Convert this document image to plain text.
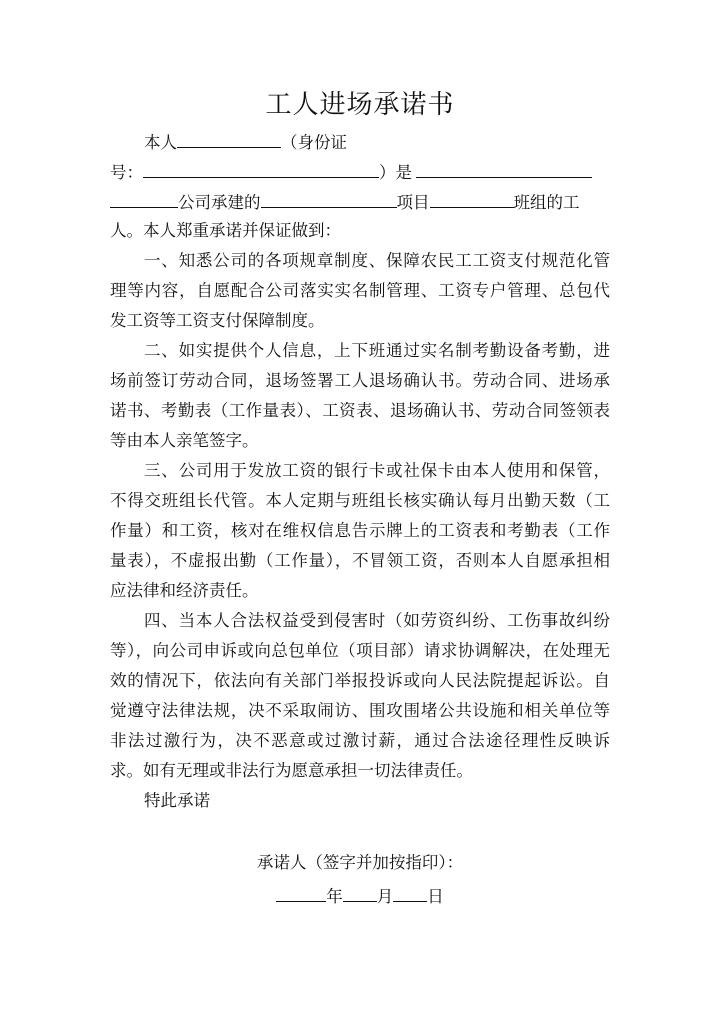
工人进场承诺书
本人	（身份证
号：	）是
公司承建的	项目	班组的工
人。本人郑重承诺并保证做到：
一、知悉公司的各项规章制度、保障农民工工资支付规范化管
理等内容，自愿配合公司落实实名制管理、工资专户管理、总包代
发工资等工资支付保障制度。
二、如实提供个人信息，上下班通过实名制考勤设备考勤，进
场前签订劳动合同，退场签署工人退场确认书。劳动合同、进场承
诺书、考勤表（工作量表）、工资表、退场确认书、劳动合同签领表
等由本人亲笔签字。
三、公司用于发放工资的银行卡或社保卡由本人使用和保管，
不得交班组长代管。本人定期与班组长核实确认每月出勤天数（工
作量）和工资，核对在维权信息告示牌上的工资表和考勤表（工作
量表），不虚报出勤（工作量），不冒领工资，否则本人自愿承担相
应法律和经济责任。
四、当本人合法权益受到侵害时（如劳资纠纷、工伤事故纠纷
等），向公司申诉或向总包单位（项目部）请求协调解决，在处理无
效的情况下，依法向有关部门举报投诉或向人民法院提起诉讼。自
觉遵守法律法规，决不采取闹访、围攻围堵公共设施和相关单位等
非法过激行为，决不恶意或过激讨薪，通过合法途径理性反映诉
求。如有无理或非法行为愿意承担一切法律责任。
特此承诺
承诺人（签字并加按指印）：
年 月 日
